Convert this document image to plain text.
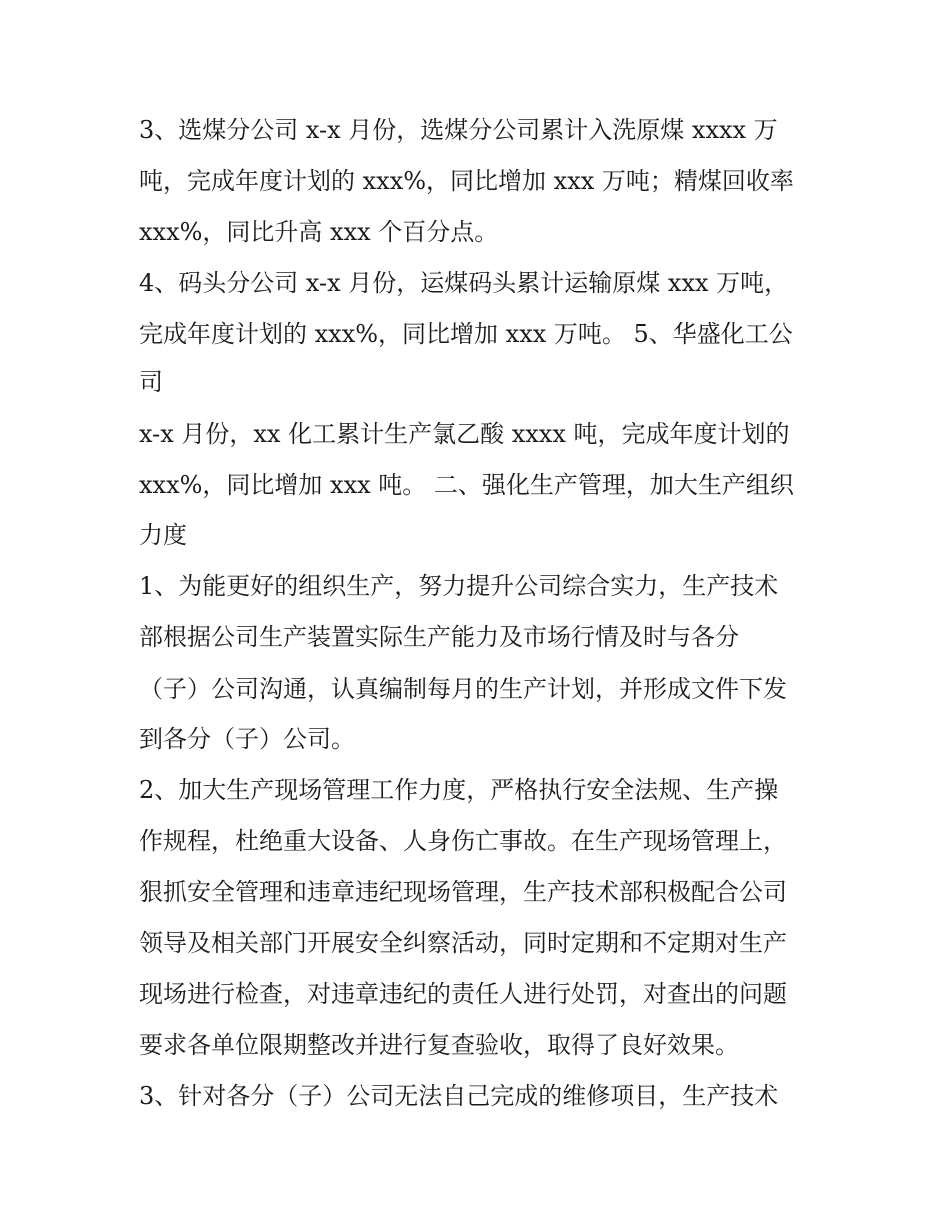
3、选煤分公司 x-x 月份，选煤分公司累计入洗原煤 xxxx 万
吨，完成年度计划的 xxx%，同比增加 xxx 万吨；精煤回收率
xxx%，同比升高 xxx 个百分点。
4、码头分公司 x-x 月份，运煤码头累计运输原煤 xxx 万吨，
完成年度计划的 xxx%，同比增加 xxx 万吨。 5、华盛化工公
司
x-x 月份，xx 化工累计生产氯乙酸 xxxx 吨，完成年度计划的
xxx%，同比增加 xxx 吨。 二、强化生产管理，加大生产组织
力度
1、为能更好的组织生产，努力提升公司综合实力，生产技术
部根据公司生产装置实际生产能力及市场行情及时与各分
（子）公司沟通，认真编制每月的生产计划，并形成文件下发
到各分（子）公司。
2、加大生产现场管理工作力度，严格执行安全法规、生产操
作规程，杜绝重大设备、人身伤亡事故。在生产现场管理上，
狠抓安全管理和违章违纪现场管理，生产技术部积极配合公司
领导及相关部门开展安全纠察活动，同时定期和不定期对生产
现场进行检查，对违章违纪的责任人进行处罚，对查出的问题
要求各单位限期整改并进行复查验收，取得了良好效果。
3、针对各分（子）公司无法自己完成的维修项目，生产技术
